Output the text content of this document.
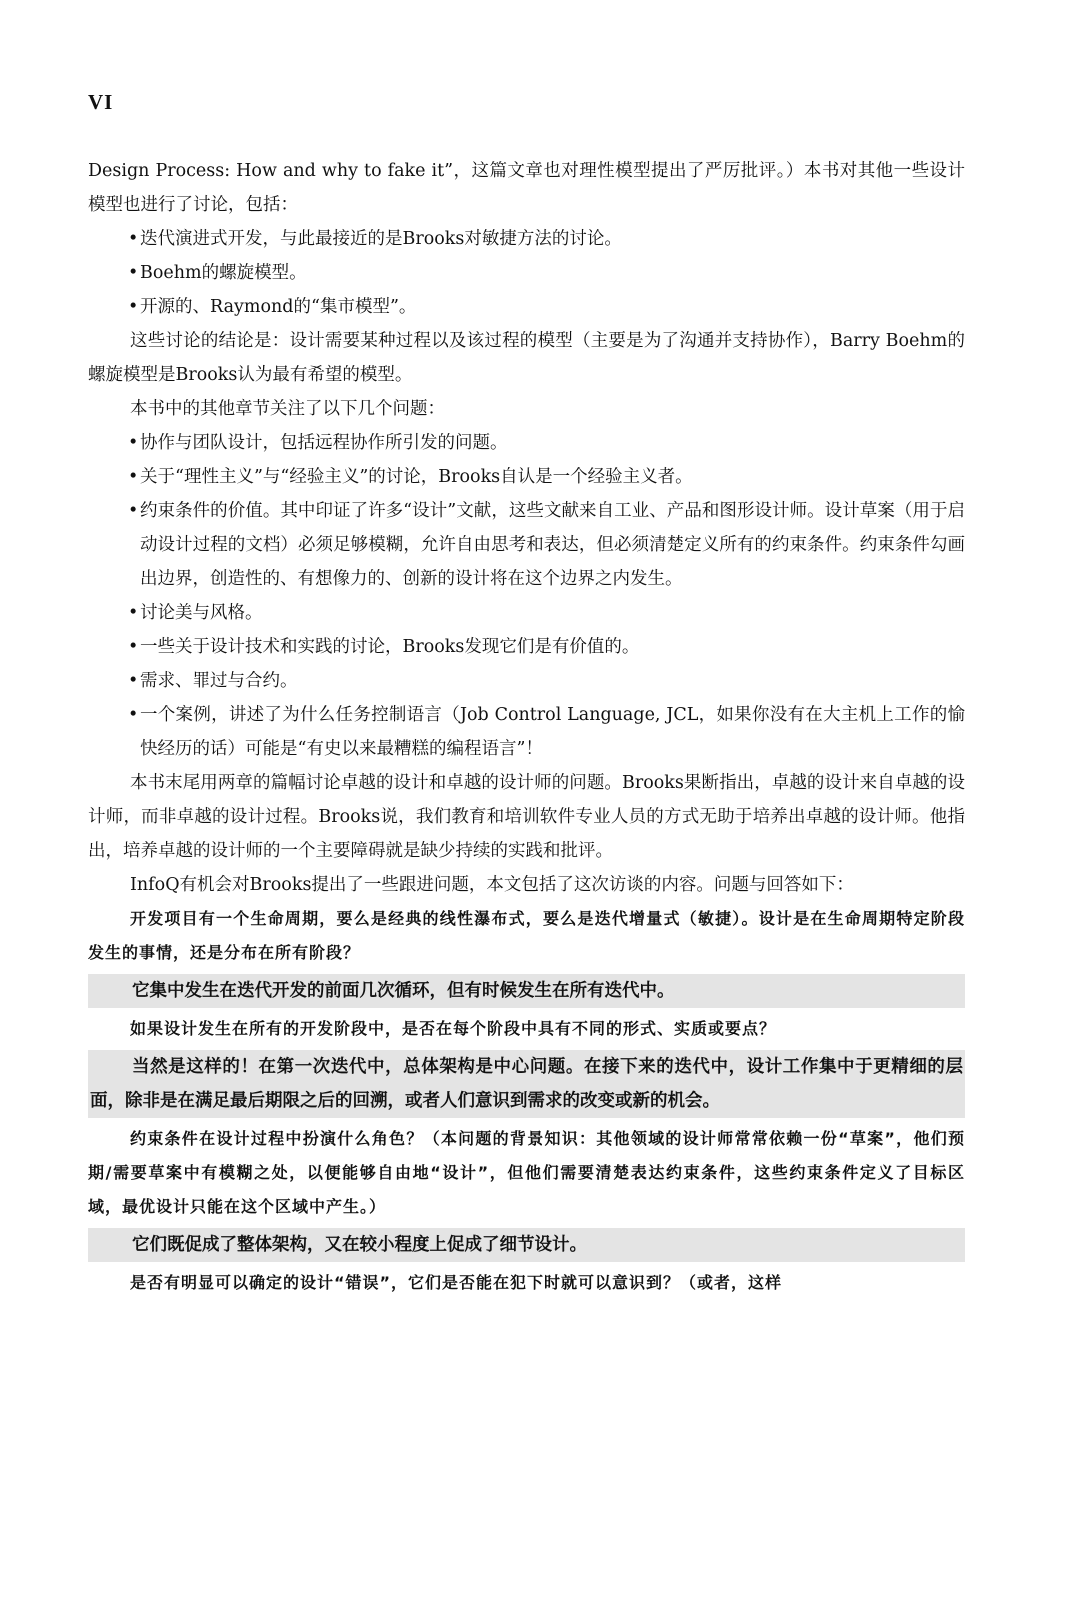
VI

Design Process: How and why to fake it”，这篇文章也对理性模型提出了严厉批评。）本书对其他一些设计模型也进行了讨论，包括：

• 迭代演进式开发，与此最接近的是Brooks对敏捷方法的讨论。
• Boehm的螺旋模型。
• 开源的、Raymond的“集市模型”。

这些讨论的结论是：设计需要某种过程以及该过程的模型（主要是为了沟通并支持协作），Barry Boehm的螺旋模型是Brooks认为最有希望的模型。

本书中的其他章节关注了以下几个问题：

• 协作与团队设计，包括远程协作所引发的问题。
• 关于“理性主义”与“经验主义”的讨论，Brooks自认是一个经验主义者。
• 约束条件的价值。其中印证了许多“设计”文献，这些文献来自工业、产品和图形设计师。设计草案（用于启动设计过程的文档）必须足够模糊，允许自由思考和表达，但必须清楚定义所有的约束条件。约束条件勾画出边界，创造性的、有想像力的、创新的设计将在这个边界之内发生。
• 讨论美与风格。
• 一些关于设计技术和实践的讨论，Brooks发现它们是有价值的。
• 需求、罪过与合约。
• 一个案例，讲述了为什么任务控制语言（Job Control Language, JCL，如果你没有在大主机上工作的愉快经历的话）可能是“有史以来最糟糕的编程语言”！

本书末尾用两章的篇幅讨论卓越的设计和卓越的设计师的问题。Brooks果断指出，卓越的设计来自卓越的设计师，而非卓越的设计过程。Brooks说，我们教育和培训软件专业人员的方式无助于培养出卓越的设计师。他指出，培养卓越的设计师的一个主要障碍就是缺少持续的实践和批评。

InfoQ有机会对Brooks提出了一些跟进问题，本文包括了这次访谈的内容。问题与回答如下：

开发项目有一个生命周期，要么是经典的线性瀑布式，要么是迭代增量式（敏捷）。设计是在生命周期特定阶段发生的事情，还是分布在所有阶段？

它集中发生在迭代开发的前面几次循环，但有时候发生在所有迭代中。

如果设计发生在所有的开发阶段中，是否在每个阶段中具有不同的形式、实质或要点？

当然是这样的！在第一次迭代中，总体架构是中心问题。在接下来的迭代中，设计工作集中于更精细的层面，除非是在满足最后期限之后的回溯，或者人们意识到需求的改变或新的机会。

约束条件在设计过程中扮演什么角色？（本问题的背景知识：其他领域的设计师常常依赖一份“草案”，他们预期/需要草案中有模糊之处，以便能够自由地“设计”，但他们需要清楚表达约束条件，这些约束条件定义了目标区域，最优设计只能在这个区域中产生。）

它们既促成了整体架构，又在较小程度上促成了细节设计。

是否有明显可以确定的设计“错误”，它们是否能在犯下时就可以意识到？（或者，这样
